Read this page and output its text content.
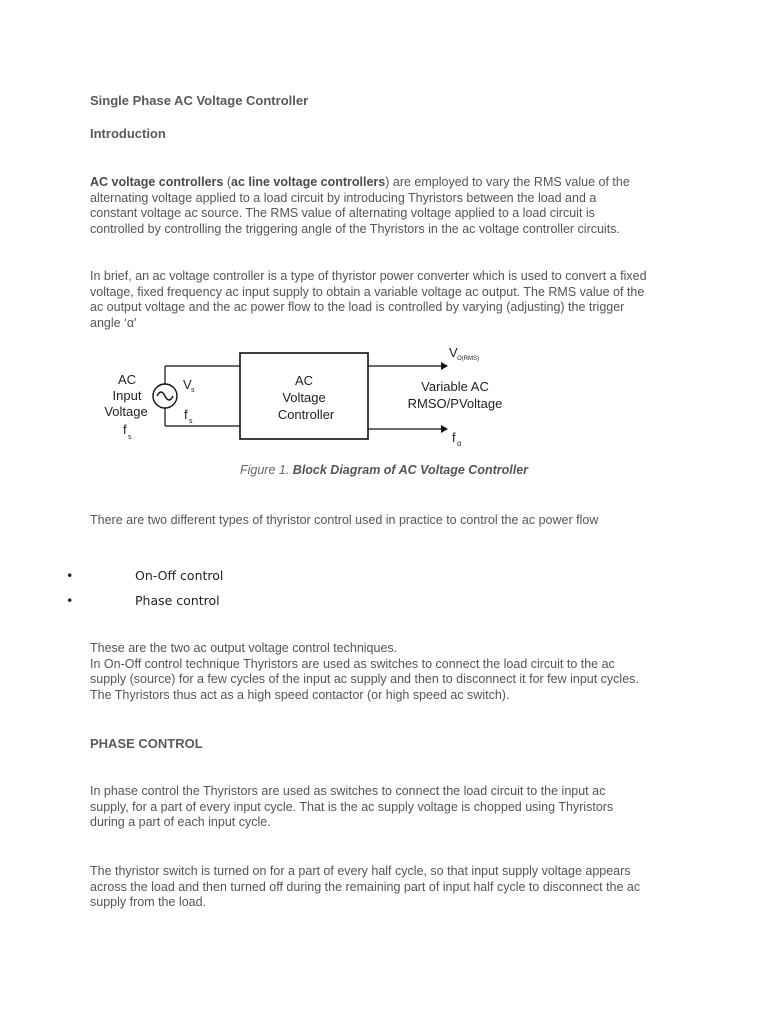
Single Phase AC Voltage Controller
Introduction
AC voltage controllers (ac line voltage controllers) are employed to vary the RMS value of the
alternating voltage applied to a load circuit by introducing Thyristors between the load and a
constant voltage ac source. The RMS value of alternating voltage applied to a load circuit is
controlled by controlling the triggering angle of the Thyristors in the ac voltage controller circuits.
In brief, an ac voltage controller is a type of thyristor power converter which is used to convert a fixed
voltage, fixed frequency ac input supply to obtain a variable voltage ac output. The RMS value of the
ac output voltage and the ac power flow to the load is controlled by varying (adjusting) the trigger
angle ‘α’
AC
Input
Voltage
f
s
V s
f s
AC
Voltage
Controller
V O(RMS)
Variable AC
RMSO/PVoltage
f o
Figure 1. Block Diagram of AC Voltage Controller
There are two different types of thyristor control used in practice to control the ac power flow
•	On-Off control
•	Phase control
These are the two ac output voltage control techniques.
In On-Off control technique Thyristors are used as switches to connect the load circuit to the ac
supply (source) for a few cycles of the input ac supply and then to disconnect it for few input cycles.
The Thyristors thus act as a high speed contactor (or high speed ac switch).
PHASE CONTROL
In phase control the Thyristors are used as switches to connect the load circuit to the input ac
supply, for a part of every input cycle. That is the ac supply voltage is chopped using Thyristors
during a part of each input cycle.
The thyristor switch is turned on for a part of every half cycle, so that input supply voltage appears
across the load and then turned off during the remaining part of input half cycle to disconnect the ac
supply from the load.
